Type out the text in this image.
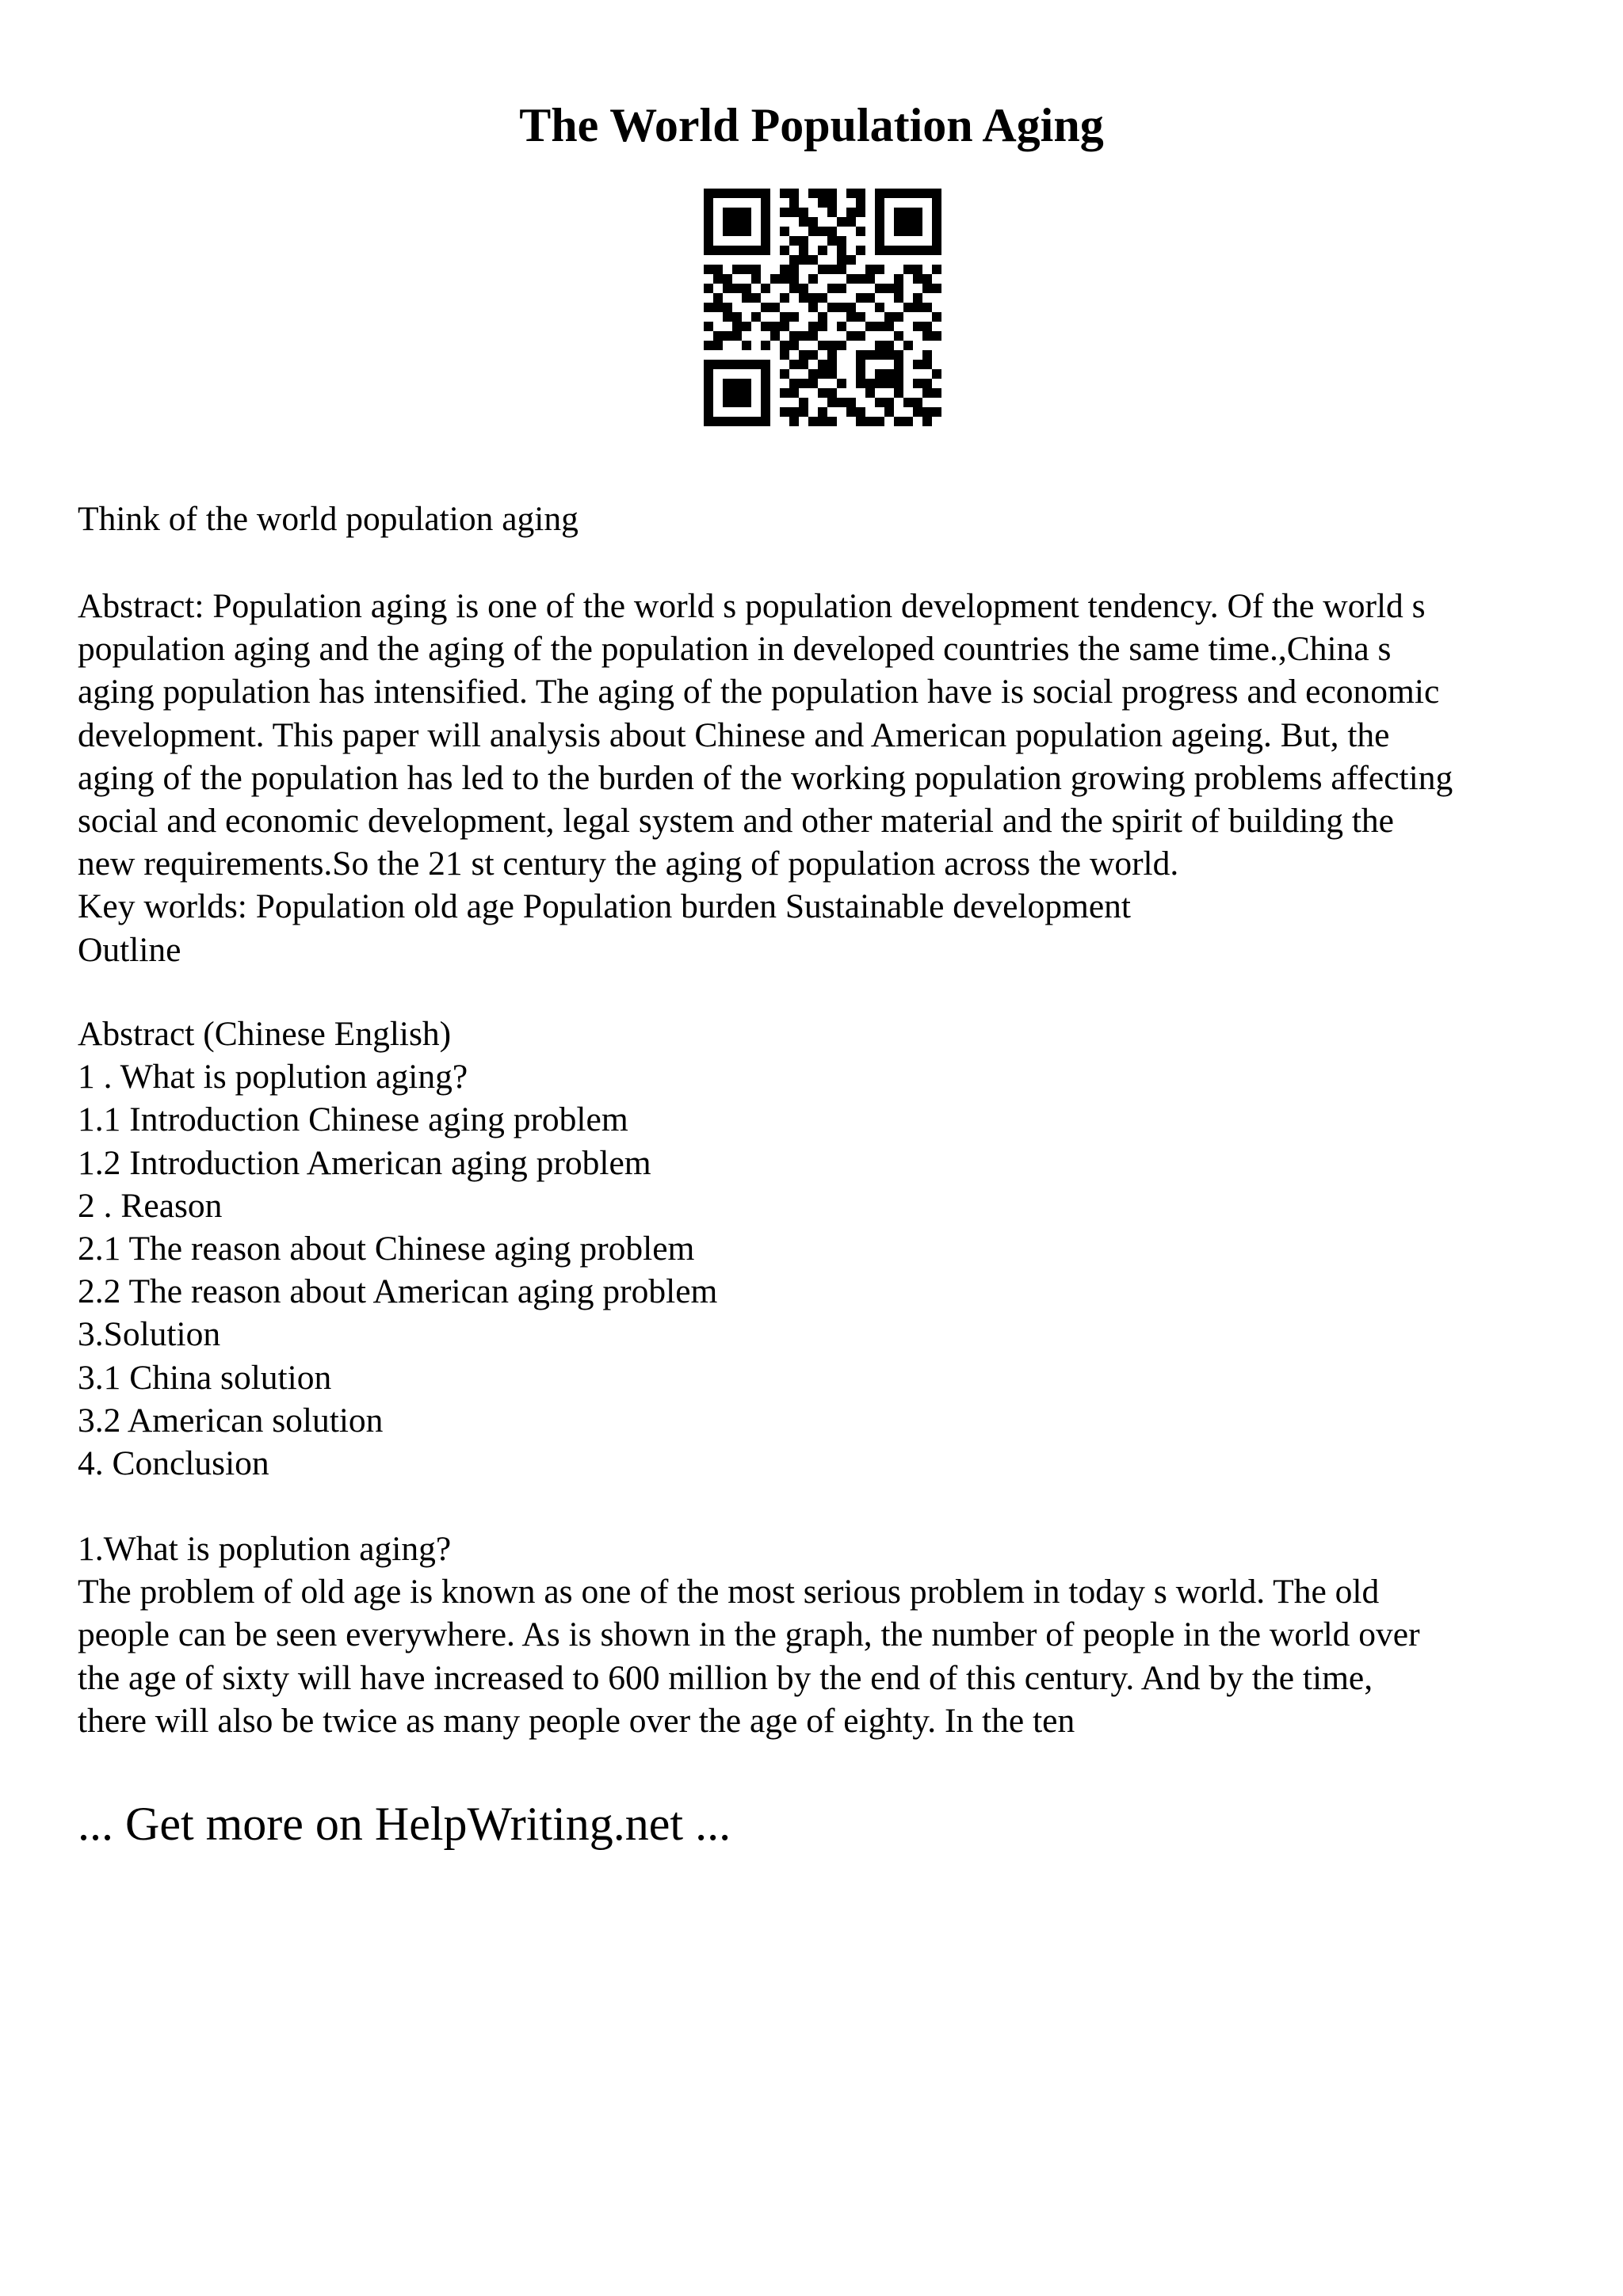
The World Population Aging

Think of the world population aging

Abstract: Population aging is one of the world s population development tendency. Of the world s
population aging and the aging of the population in developed countries the same time.,China s
aging population has intensified. The aging of the population have is social progress and economic
development. This paper will analysis about Chinese and American population ageing. But, the
aging of the population has led to the burden of the working population growing problems affecting
social and economic development, legal system and other material and the spirit of building the
new requirements.So the 21 st century the aging of population across the world.
Key worlds: Population old age Population burden Sustainable development
Outline
Abstract (Chinese English)
1 . What is poplution aging?
1.1 Introduction Chinese aging problem
1.2 Introduction American aging problem
2 . Reason
2.1 The reason about Chinese aging problem
2.2 The reason about American aging problem
3.Solution
3.1 China solution
3.2 American solution
4. Conclusion
1.What is poplution aging?
The problem of old age is known as one of the most serious problem in today s world. The old
people can be seen everywhere. As is shown in the graph, the number of people in the world over
the age of sixty will have increased to 600 million by the end of this century. And by the time,
there will also be twice as many people over the age of eighty. In the ten

... Get more on HelpWriting.net ...
